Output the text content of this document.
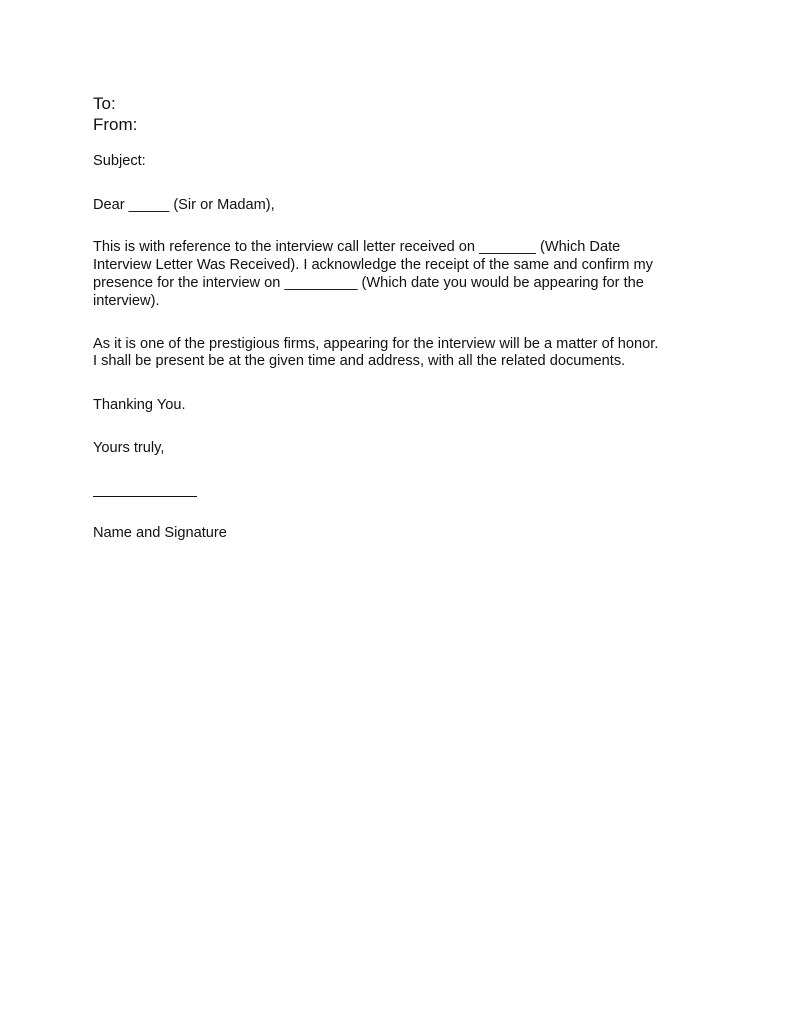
To:
From:
Subject:
Dear _____ (Sir or Madam),
This is with reference to the interview call letter received on _______ (Which Date
Interview Letter Was Received). I acknowledge the receipt of the same and confirm my
presence for the interview on _________ (Which date you would be appearing for the
interview).
As it is one of the prestigious firms, appearing for the interview will be a matter of honor.
I shall be present be at the given time and address, with all the related documents.
Thanking You.
Yours truly,
Name and Signature
